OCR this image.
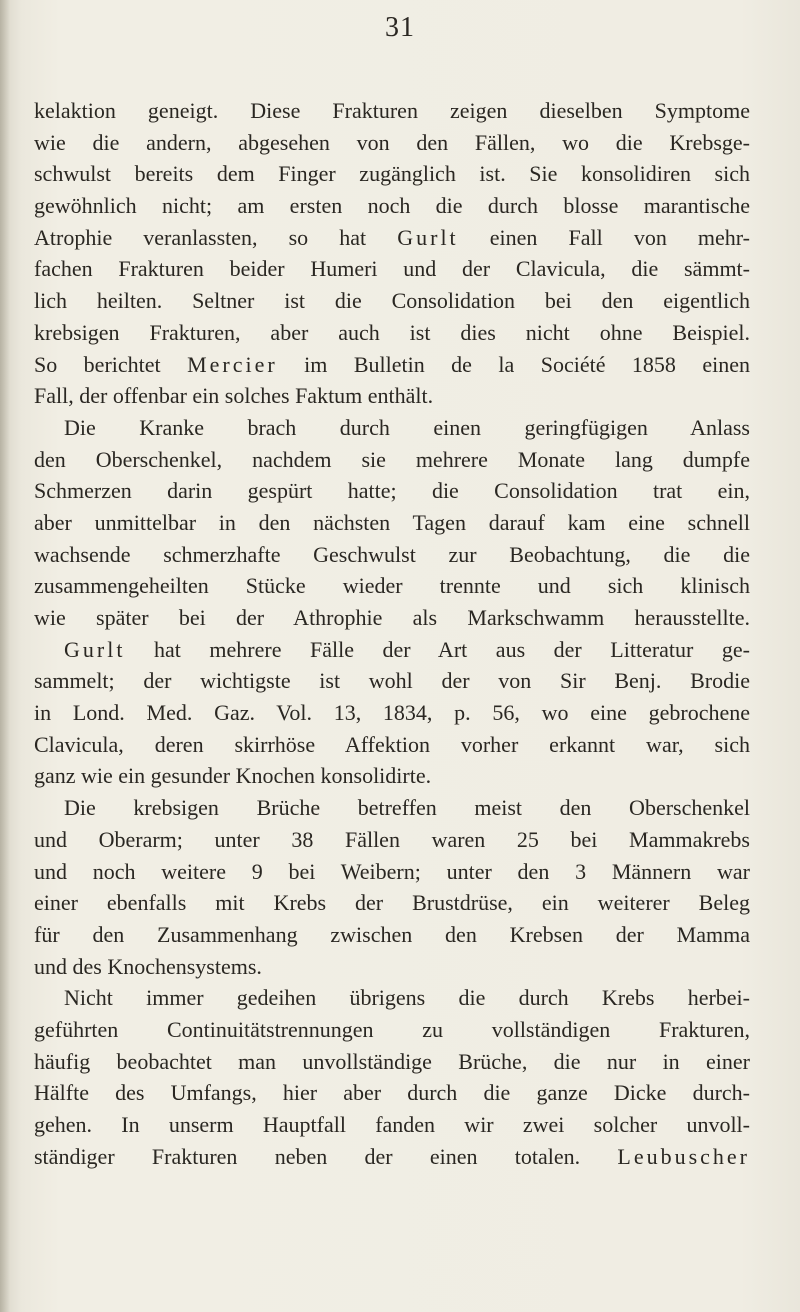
31
kelaktion geneigt. Diese Frakturen zeigen dieselben Symptome
wie die andern, abgesehen von den Fällen, wo die Krebsge-
schwulst bereits dem Finger zugänglich ist. Sie konsolidiren sich
gewöhnlich nicht; am ersten noch die durch blosse marantische
Atrophie veranlassten, so hat Gurlt einen Fall von mehr-
fachen Frakturen beider Humeri und der Clavicula, die sämmt-
lich heilten. Seltner ist die Consolidation bei den eigentlich
krebsigen Frakturen, aber auch ist dies nicht ohne Beispiel.
So berichtet Mercier im Bulletin de la Société 1858 einen
Fall, der offenbar ein solches Faktum enthält.
Die Kranke brach durch einen geringfügigen Anlass
den Oberschenkel, nachdem sie mehrere Monate lang dumpfe
Schmerzen darin gespürt hatte; die Consolidation trat ein,
aber unmittelbar in den nächsten Tagen darauf kam eine schnell
wachsende schmerzhafte Geschwulst zur Beobachtung, die die
zusammengeheilten Stücke wieder trennte und sich klinisch
wie später bei der Athrophie als Markschwamm herausstellte.
Gurlt hat mehrere Fälle der Art aus der Litteratur ge-
sammelt; der wichtigste ist wohl der von Sir Benj. Brodie
in Lond. Med. Gaz. Vol. 13, 1834, p. 56, wo eine gebrochene
Clavicula, deren skirrhöse Affektion vorher erkannt war, sich
ganz wie ein gesunder Knochen konsolidirte.
Die krebsigen Brüche betreffen meist den Oberschenkel
und Oberarm; unter 38 Fällen waren 25 bei Mammakrebs
und noch weitere 9 bei Weibern; unter den 3 Männern war
einer ebenfalls mit Krebs der Brustdrüse, ein weiterer Beleg
für den Zusammenhang zwischen den Krebsen der Mamma
und des Knochensystems.
Nicht immer gedeihen übrigens die durch Krebs herbei-
geführten Continuitätstrennungen zu vollständigen Frakturen,
häufig beobachtet man unvollständige Brüche, die nur in einer
Hälfte des Umfangs, hier aber durch die ganze Dicke durch-
gehen. In unserm Hauptfall fanden wir zwei solcher unvoll-
ständiger Frakturen neben der einen totalen. Leubuscher
